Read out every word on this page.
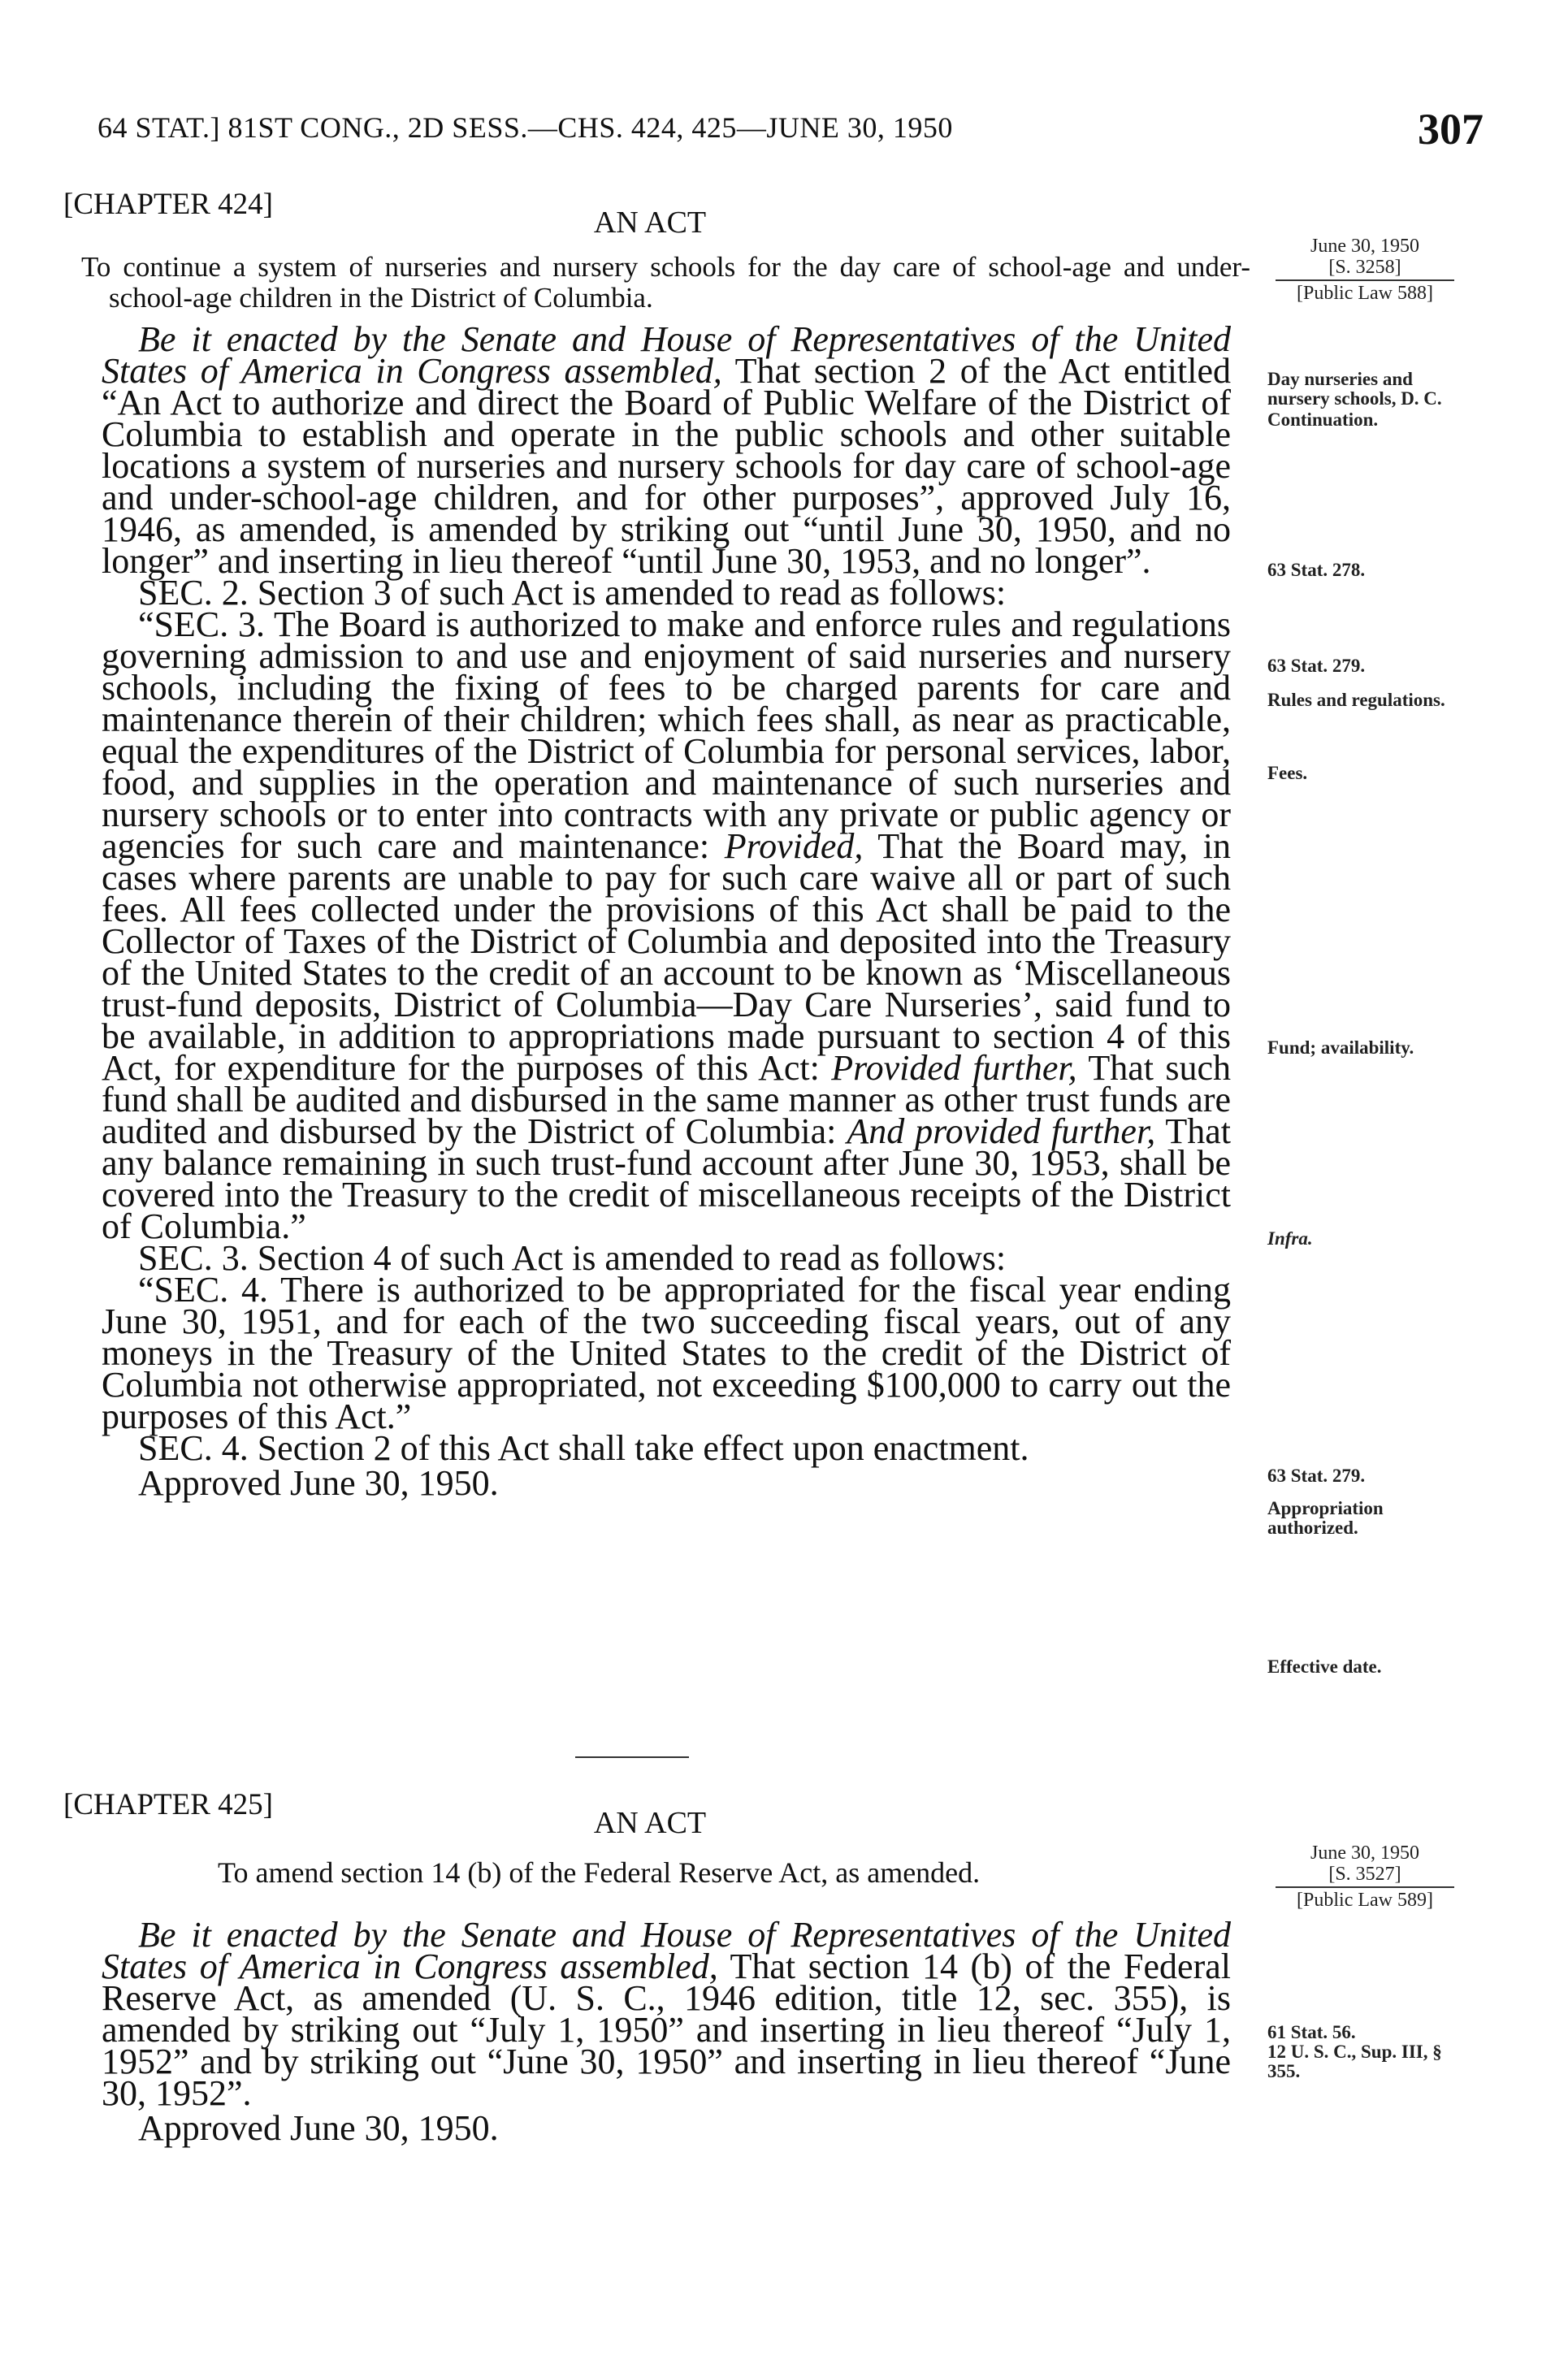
64 STAT.] 81ST CONG., 2D SESS.—CHS. 424, 425—JUNE 30, 1950	307
[CHAPTER 424]
AN ACT
To continue a system of nurseries and nursery schools for the day care of school-age and under-school-age children in the District of Columbia.
June 30, 1950
[S. 3258]
[Public Law 588]

Be it enacted by the Senate and House of Representatives of the United States of America in Congress assembled, That section 2 of the Act entitled “An Act to authorize and direct the Board of Public Welfare of the District of Columbia to establish and operate in the public schools and other suitable locations a system of nurseries and nursery schools for day care of school-age and under-school-age children, and for other purposes”, approved July 16, 1946, as amended, is amended by striking out “until June 30, 1950, and no longer” and inserting in lieu thereof “until June 30, 1953, and no longer”.

SEC. 2. Section 3 of such Act is amended to read as follows:

“SEC. 3. The Board is authorized to make and enforce rules and regulations governing admission to and use and enjoyment of said nurseries and nursery schools, including the fixing of fees to be charged parents for care and maintenance therein of their children; which fees shall, as near as practicable, equal the expenditures of the District of Columbia for personal services, labor, food, and supplies in the operation and maintenance of such nurseries and nursery schools or to enter into contracts with any private or public agency or agencies for such care and maintenance: Provided, That the Board may, in cases where parents are unable to pay for such care waive all or part of such fees. All fees collected under the provisions of this Act shall be paid to the Collector of Taxes of the District of Columbia and deposited into the Treasury of the United States to the credit of an account to be known as ‘Miscellaneous trust-fund deposits, District of Columbia—Day Care Nurseries’, said fund to be available, in addition to appropriations made pursuant to section 4 of this Act, for expenditure for the purposes of this Act: Provided further, That such fund shall be audited and disbursed in the same manner as other trust funds are audited and disbursed by the District of Columbia: And provided further, That any balance remaining in such trust-fund account after June 30, 1953, shall be covered into the Treasury to the credit of miscellaneous receipts of the District of Columbia.”

SEC. 3. Section 4 of such Act is amended to read as follows:

“SEC. 4. There is authorized to be appropriated for the fiscal year ending June 30, 1951, and for each of the two succeeding fiscal years, out of any moneys in the Treasury of the United States to the credit of the District of Columbia not otherwise appropriated, not exceeding $100,000 to carry out the purposes of this Act.”

SEC. 4. Section 2 of this Act shall take effect upon enactment.

Approved June 30, 1950.

Day nurseries and nursery schools, D. C.
Continuation.
63 Stat. 278.
63 Stat. 279.
Rules and regulations.
Fees.
Fund; availability.
Infra.
63 Stat. 279.
Appropriation authorized.
Effective date.
[CHAPTER 425]
AN ACT
To amend section 14 (b) of the Federal Reserve Act, as amended.
June 30, 1950
[S. 3527]
[Public Law 589]

Be it enacted by the Senate and House of Representatives of the United States of America in Congress assembled, That section 14 (b) of the Federal Reserve Act, as amended (U. S. C., 1946 edition, title 12, sec. 355), is amended by striking out “July 1, 1950” and inserting in lieu thereof “July 1, 1952” and by striking out “June 30, 1950” and inserting in lieu thereof “June 30, 1952”.

Approved June 30, 1950.

61 Stat. 56.
12 U. S. C., Sup. III, § 355.
